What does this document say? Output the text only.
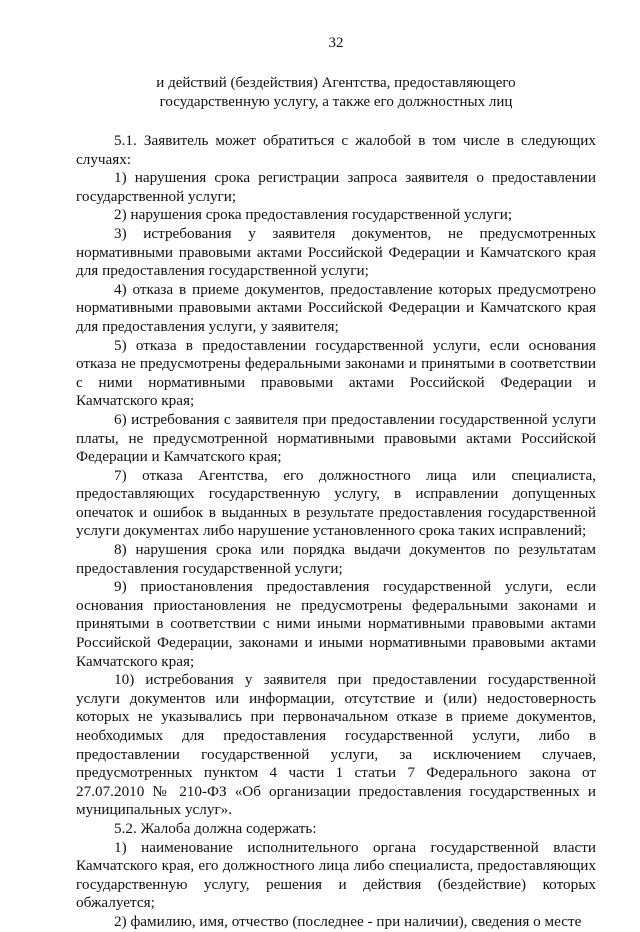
32
и действий (бездействия) Агентства, предоставляющего
государственную услугу, а также его должностных лиц

5.1. Заявитель может обратиться с жалобой в том числе в следующих случаях:

1) нарушения срока регистрации запроса заявителя о предоставлении государственной услуги;

2) нарушения срока предоставления государственной услуги;

3) истребования у заявителя документов, не предусмотренных нормативными правовыми актами Российской Федерации и Камчатского края для предоставления государственной услуги;

4) отказа в приеме документов, предоставление которых предусмотрено нормативными правовыми актами Российской Федерации и Камчатского края для предоставления услуги, у заявителя;

5) отказа в предоставлении государственной услуги, если основания отказа не предусмотрены федеральными законами и принятыми в соответствии с ними нормативными правовыми актами Российской Федерации и Камчатского края;

6) истребования с заявителя при предоставлении государственной услуги платы, не предусмотренной нормативными правовыми актами Российской Федерации и Камчатского края;

7) отказа Агентства, его должностного лица или специалиста, предоставляющих государственную услугу, в исправлении допущенных опечаток и ошибок в выданных в результате предоставления государственной услуги документах либо нарушение установленного срока таких исправлений;

8) нарушения срока или порядка выдачи документов по результатам предоставления государственной услуги;

9) приостановления предоставления государственной услуги, если основания приостановления не предусмотрены федеральными законами и принятыми в соответствии с ними иными нормативными правовыми актами Российской Федерации, законами и иными нормативными правовыми актами Камчатского края;

10) истребования у заявителя при предоставлении государственной услуги документов или информации, отсутствие и (или) недостоверность которых не указывались при первоначальном отказе в приеме документов, необходимых для предоставления государственной услуги, либо в предоставлении государственной услуги, за исключением случаев, предусмотренных пунктом 4 части 1 статьи 7 Федерального закона от 27.07.2010 № 210-ФЗ «Об организации предоставления государственных и муниципальных услуг».

5.2. Жалоба должна содержать:

1) наименование исполнительного органа государственной власти Камчатского края, его должностного лица либо специалиста, предоставляющих государственную услугу, решения и действия (бездействие) которых обжалуется;

2) фамилию, имя, отчество (последнее - при наличии), сведения о месте
